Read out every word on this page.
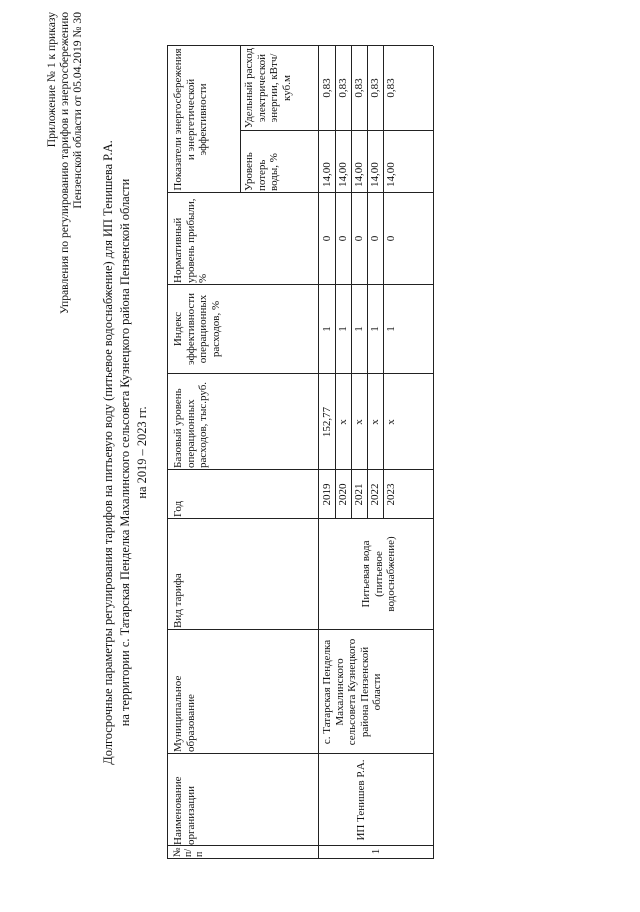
Приложение № 1 к приказу Управления по регулированию тарифов и энергосбережению Пензенской области от 05.04.2019 № 30
Долгосрочные параметры регулирования тарифов на питьевую воду (питьевое водоснабжение) для ИП Тенишева Р.А. на территории с. Татарская Пенделка Махалинского сельсовета Кузнецкого района Пензенской области на 2019 – 2023 гг.
№ п/п
Наименование организации
Муниципальное образование
Вид тарифа
Год
Базовый уровень операционных расходов, тыс.руб.
Индекс эффективности операционных расходов, %
Нормативный уровень прибыли, %
Показатели энергосбережения и энергетической эффективности
Уровень потерь воды, %
Удельный расход электрической энергии, кВтч/куб.м
1
ИП Тенишев Р.А.
с. Татарская Пенделка Махалинского сельсовета Кузнецкого района Пензенской области
Питьевая вода (питьевое водоснабжение)
2019
152,77
1
0
14,00
0,83
2020
х
1
0
14,00
0,83
2021
х
1
0
14,00
0,83
2022
х
1
0
14,00
0,83
2023
х
1
0
14,00
0,83
